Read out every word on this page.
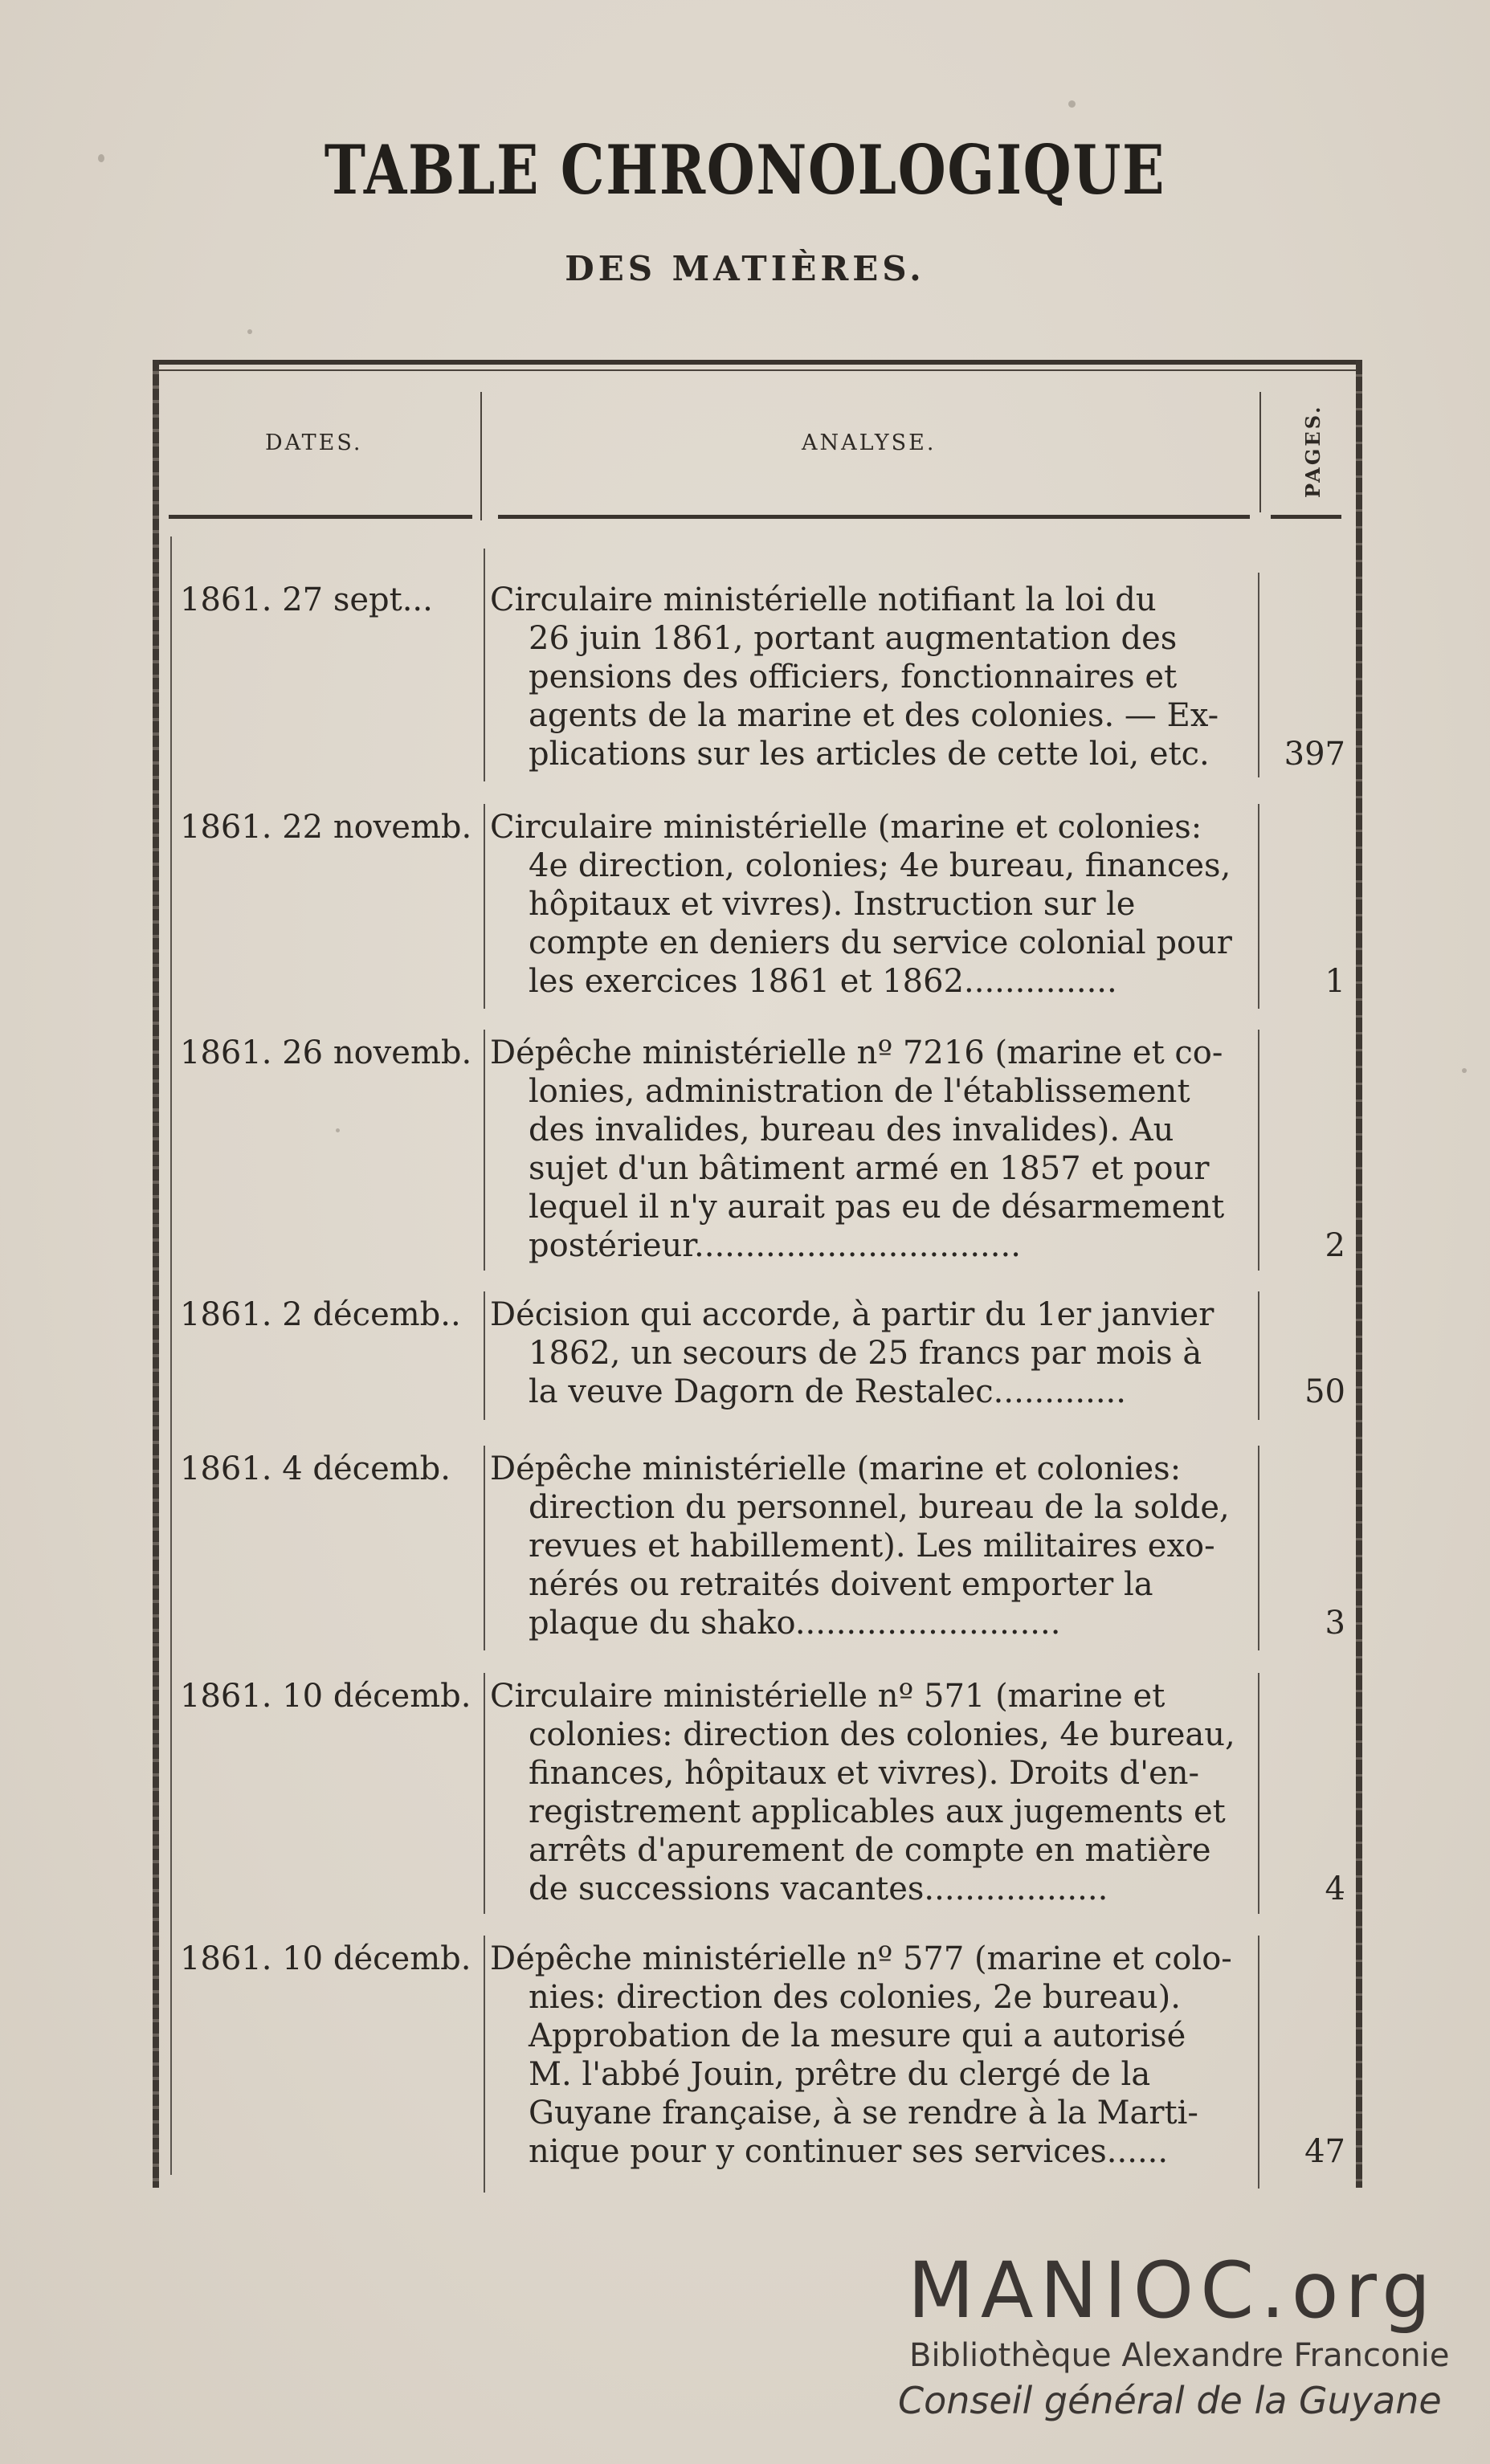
TABLE CHRONOLOGIQUE
DES MATIÈRES.
DATES.	ANALYSE.	PAGES.
1861. 27 sept...	Circulaire ministérielle notifiant la loi du
26 juin 1861, portant augmentation des
pensions des officiers, fonctionnaires et
agents de la marine et des colonies. — Ex-
plications sur les articles de cette loi, etc.	397
1861. 22 novemb. Circulaire ministérielle (marine et colonies:
4e direction, colonies; 4e bureau, finances,
hôpitaux et vivres). Instruction sur le
compte en deniers du service colonial pour
les exercices 1861 et 1862...............	1
1861. 26 novemb. Dépêche ministérielle nº 7216 (marine et co-
lonies, administration de l'établissement
des invalides, bureau des invalides). Au
sujet d'un bâtiment armé en 1857 et pour
lequel il n'y aurait pas eu de désarmement
postérieur................................	2
1861. 2 décemb.. Décision qui accorde, à partir du 1er janvier
1862, un secours de 25 francs par mois à
la veuve Dagorn de Restalec.............	50
1861. 4 décemb.	Dépêche ministérielle (marine et colonies:
direction du personnel, bureau de la solde,
revues et habillement). Les militaires exo-
nérés ou retraités doivent emporter la
plaque du shako..........................	3
1861. 10 décemb. Circulaire ministérielle nº 571 (marine et
colonies: direction des colonies, 4e bureau,
finances, hôpitaux et vivres). Droits d'en-
registrement applicables aux jugements et
arrêts d'apurement de compte en matière
de successions vacantes..................	4
1861. 10 décemb. Dépêche ministérielle nº 577 (marine et colo-
nies: direction des colonies, 2e bureau).
Approbation de la mesure qui a autorisé
M. l'abbé Jouin, prêtre du clergé de la
Guyane française, à se rendre à la Marti-
nique pour y continuer ses services......	47
MANIOC.org
Bibliothèque Alexandre Franconie
Conseil général de la Guyane
